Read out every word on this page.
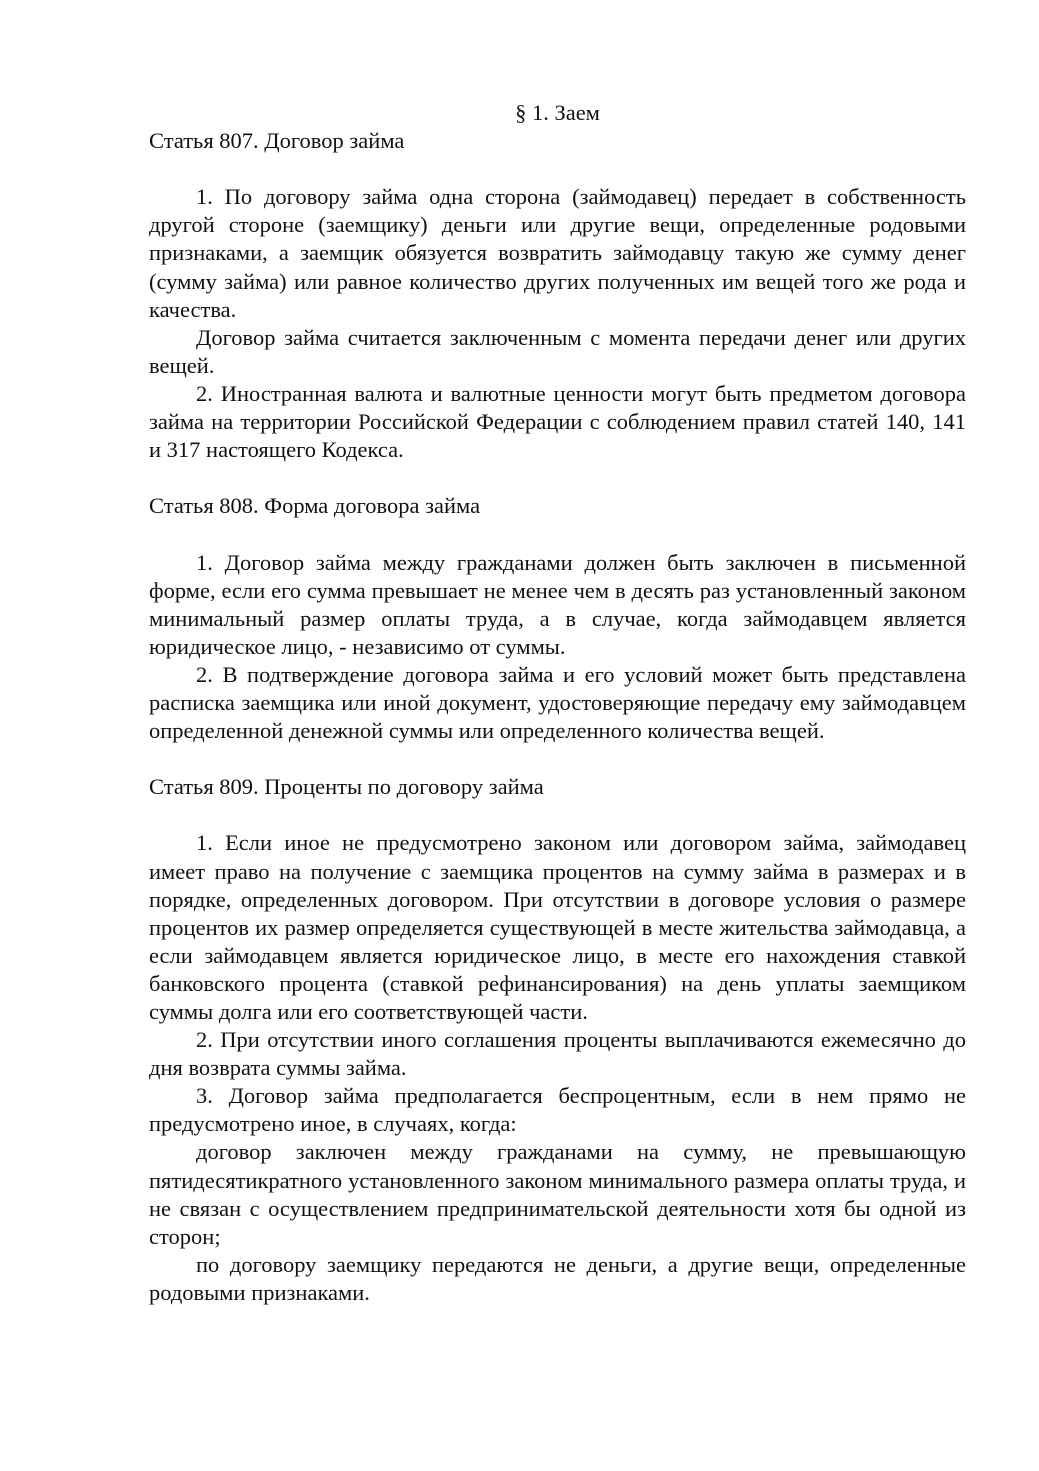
§ 1. Заем
Статья 807. Договор займа

1. По договору займа одна сторона (займодавец) передает в собственность другой стороне (заемщику) деньги или другие вещи, определенные родовыми признаками, а заемщик обязуется возвратить займодавцу такую же сумму денег (сумму займа) или равное количество других полученных им вещей того же рода и качества.

Договор займа считается заключенным с момента передачи денег или других вещей.

2. Иностранная валюта и валютные ценности могут быть предметом договора займа на территории Российской Федерации с соблюдением правил статей 140, 141 и 317 настоящего Кодекса.

Статья 808. Форма договора займа

1. Договор займа между гражданами должен быть заключен в письменной форме, если его сумма превышает не менее чем в десять раз установленный законом минимальный размер оплаты труда, а в случае, когда займодавцем является юридическое лицо, - независимо от суммы.

2. В подтверждение договора займа и его условий может быть представлена расписка заемщика или иной документ, удостоверяющие передачу ему займодавцем определенной денежной суммы или определенного количества вещей.

Статья 809. Проценты по договору займа

1. Если иное не предусмотрено законом или договором займа, займодавец имеет право на получение с заемщика процентов на сумму займа в размерах и в порядке, определенных договором. При отсутствии в договоре условия о размере процентов их размер определяется существующей в месте жительства займодавца, а если займодавцем является юридическое лицо, в месте его нахождения ставкой банковского процента (ставкой рефинансирования) на день уплаты заемщиком суммы долга или его соответствующей части.

2. При отсутствии иного соглашения проценты выплачиваются ежемесячно до дня возврата суммы займа.

3. Договор займа предполагается беспроцентным, если в нем прямо не предусмотрено иное, в случаях, когда:

договор заключен между гражданами на сумму, не превышающую пятидесятикратного установленного законом минимального размера оплаты труда, и не связан с осуществлением предпринимательской деятельности хотя бы одной из сторон;

по договору заемщику передаются не деньги, а другие вещи, определенные родовыми признаками.
